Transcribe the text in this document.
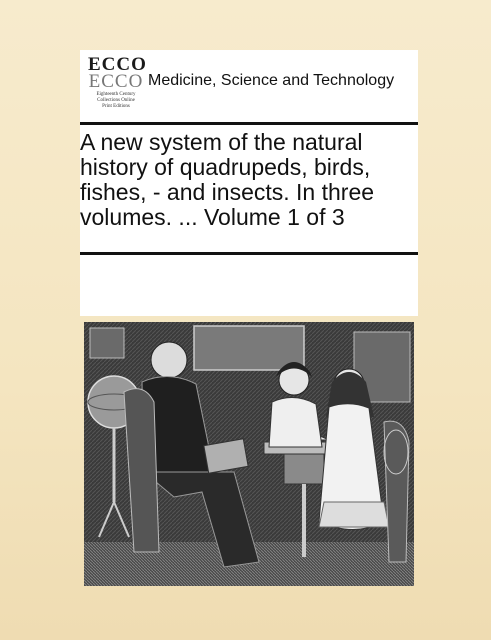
ECCO
ECCO
Eighteenth Century
Collections Online
Print Editions
Medicine, Science and Technology
A new system of the natural history of quadrupeds, birds, fishes, - and insects. In three volumes. ... Volume 1 of 3
